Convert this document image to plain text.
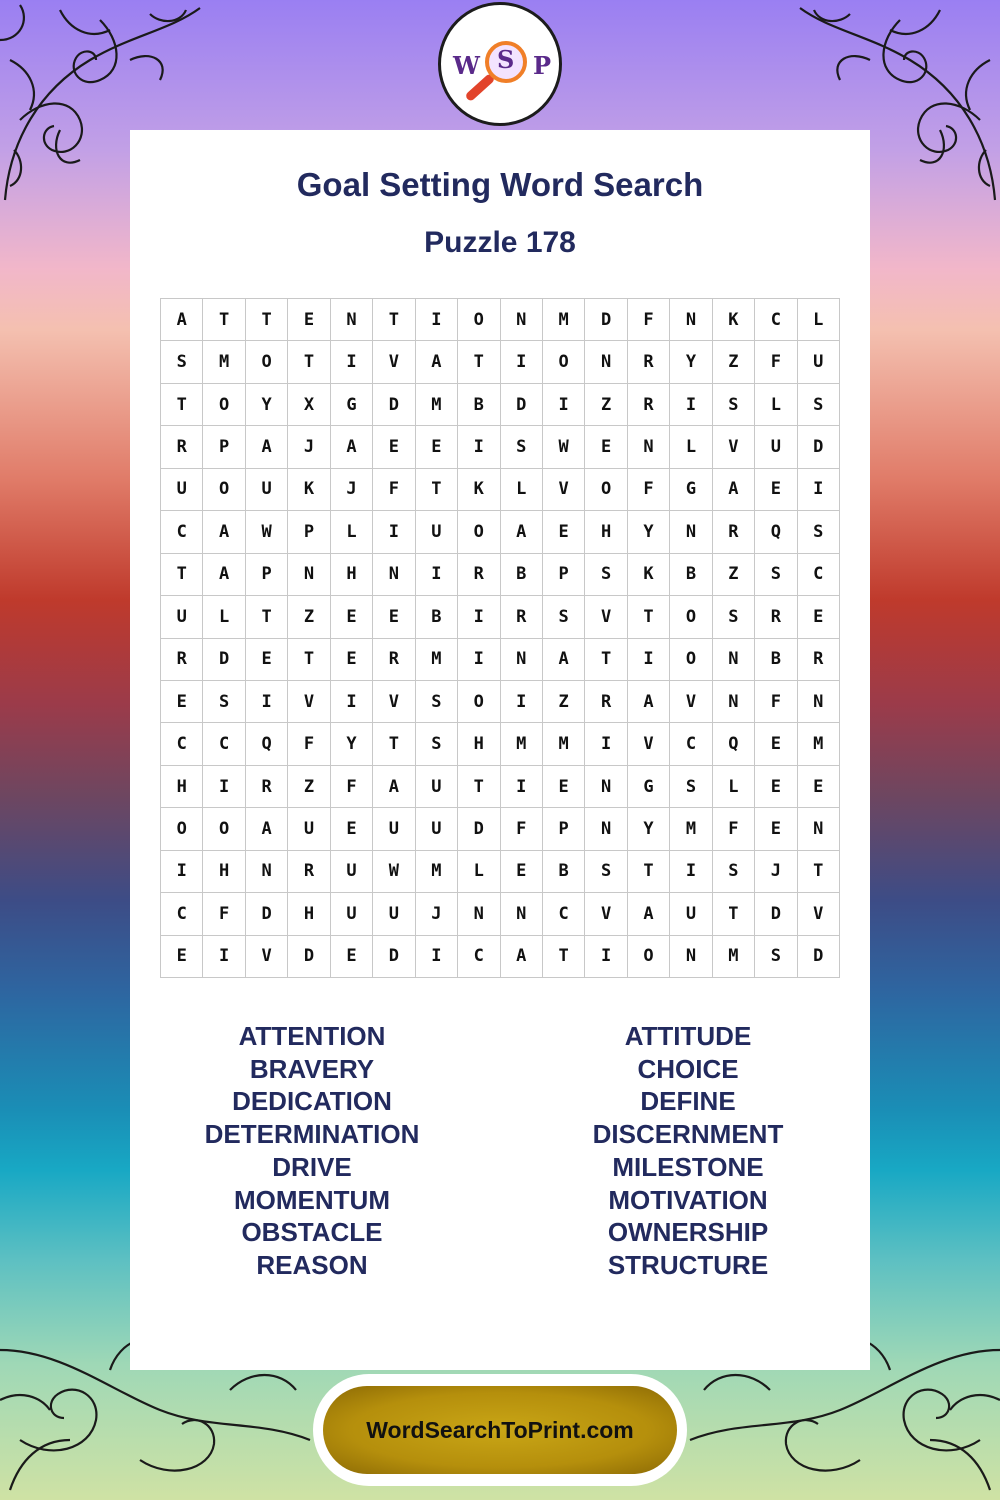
W S P
Goal Setting Word Search
Puzzle 178
A	T	T	E	N	T	I	O	N	M	D	F	N	K	C	L
S	M	O	T	I	V	A	T	I	O	N	R	Y	Z	F	U
T	O	Y	X	G	D	M	B	D	I	Z	R	I	S	L	S
R	P	A	J	A	E	E	I	S	W	E	N	L	V	U	D
U	O	U	K	J	F	T	K	L	V	O	F	G	A	E	I
C	A	W	P	L	I	U	O	A	E	H	Y	N	R	Q	S
T	A	P	N	H	N	I	R	B	P	S	K	B	Z	S	C
U	L	T	Z	E	E	B	I	R	S	V	T	O	S	R	E
R	D	E	T	E	R	M	I	N	A	T	I	O	N	B	R
E	S	I	V	I	V	S	O	I	Z	R	A	V	N	F	N
C	C	Q	F	Y	T	S	H	M	M	I	V	C	Q	E	M
H	I	R	Z	F	A	U	T	I	E	N	G	S	L	E	E
O	O	A	U	E	U	U	D	F	P	N	Y	M	F	E	N
I	H	N	R	U	W	M	L	E	B	S	T	I	S	J	T
C	F	D	H	U	U	J	N	N	C	V	A	U	T	D	V
E	I	V	D	E	D	I	C	A	T	I	O	N	M	S	D
ATTENTION
BRAVERY
DEDICATION
DETERMINATION
DRIVE
MOMENTUM
OBSTACLE
REASON
ATTITUDE
CHOICE
DEFINE
DISCERNMENT
MILESTONE
MOTIVATION
OWNERSHIP
STRUCTURE
WordSearchToPrint.com
